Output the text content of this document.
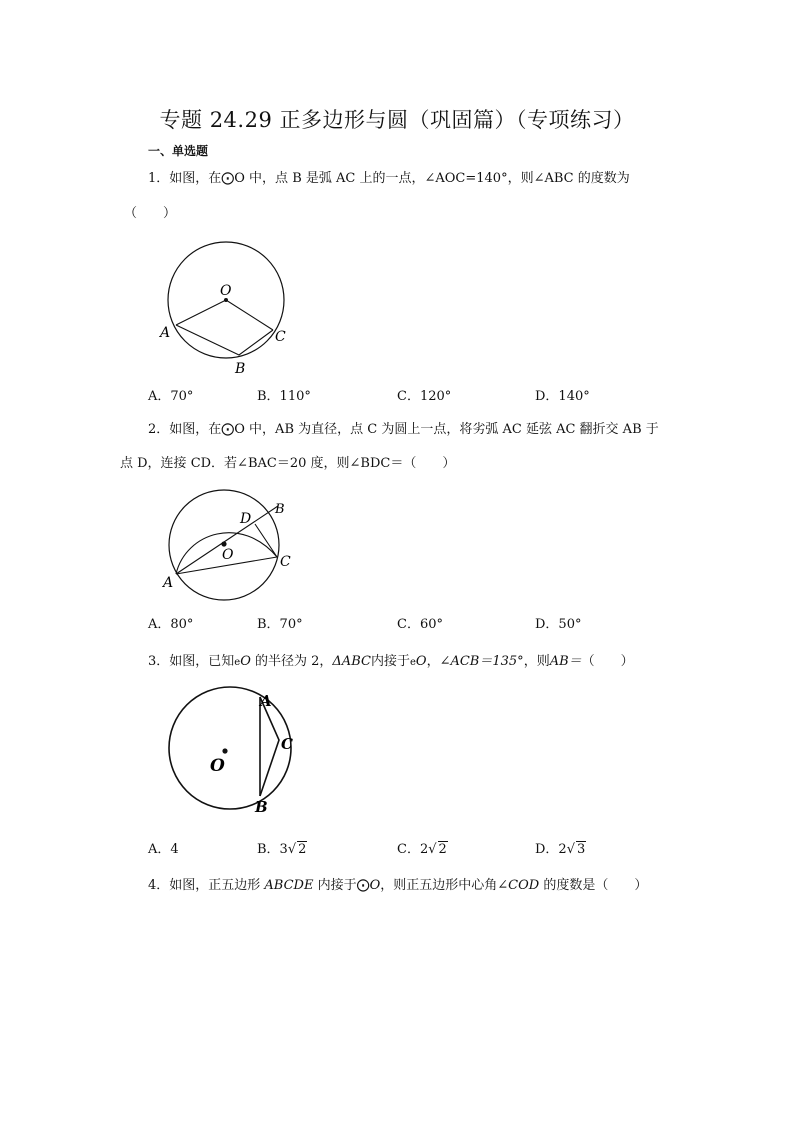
专题 24.29 正多边形与圆（巩固篇）（专项练习）
一、单选题
1．如图，在⨀O 中，点 B 是弧 AC 上的一点，∠AOC=140°，则∠ABC 的度数为
（　　）
O
A
B
C
A．70°	B．110°	C．120°	D．140°
2．如图，在⨀O 中，AB 为直径，点 C 为圆上一点，将劣弧 AC 延弦 AC 翻折交 AB 于
点 D，连接 CD．若∠BAC＝20 度，则∠BDC＝（　　）
O
A
B
C
D
A．80°	B．70°	C．60°	D．50°
3．如图，已知eO 的半径为 2，ΔABC内接于eO，∠ACB＝135°，则AB＝（　　）
O
A
B
C
A．4	B．3√ 2	C．2√ 2	D．2√ 3
4．如图，正五边形 ABCDE 内接于⨀O，则正五边形中心角∠COD 的度数是（　　）
